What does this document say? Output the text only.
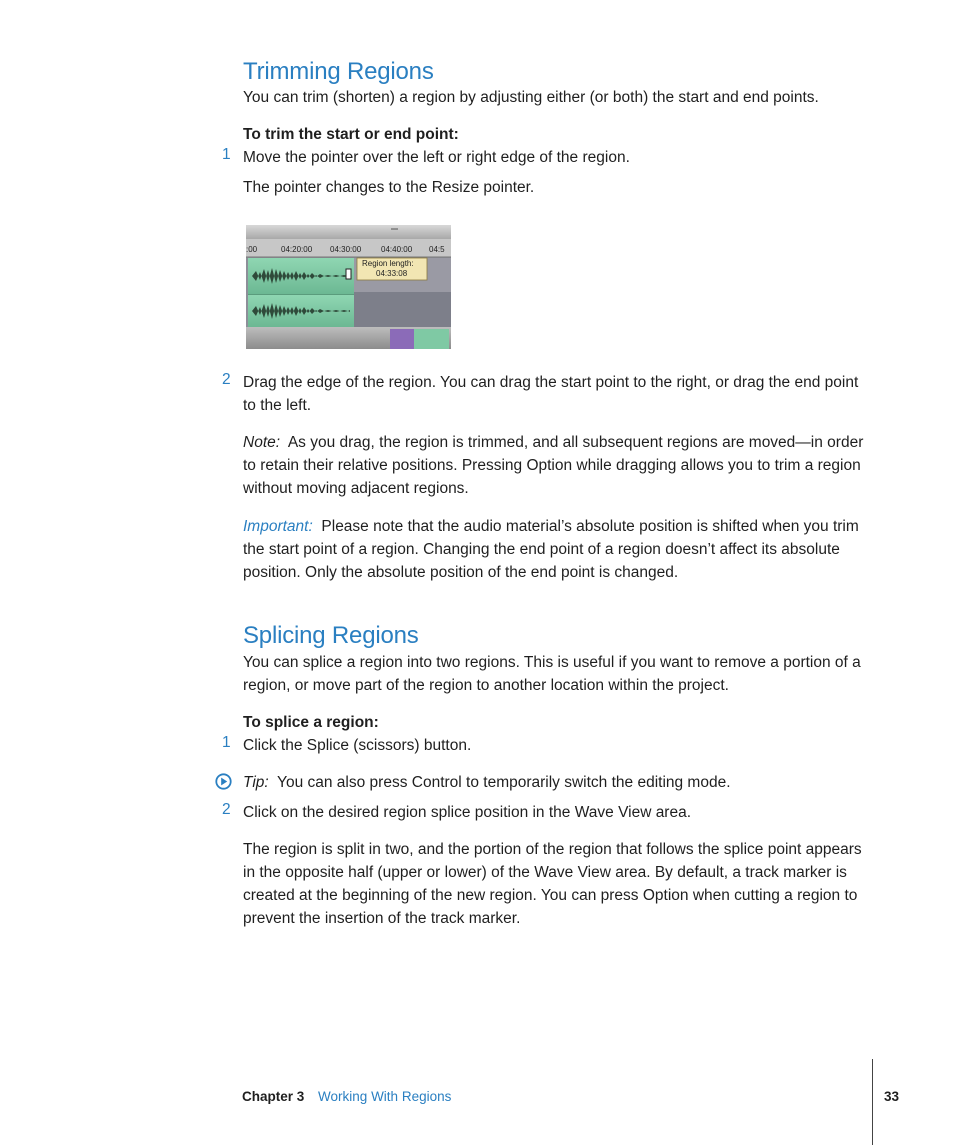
Trimming Regions
You can trim (shorten) a region by adjusting either (or both) the start and end points.
To trim the start or end point:
1 Move the pointer over the left or right edge of the region.
The pointer changes to the Resize pointer.
:00	04:20:00 04:30:00 04:40:00 04:5
Region length:
04:33:08
2 Drag the edge of the region. You can drag the start point to the right, or drag the end point to the left.
Note: As you drag, the region is trimmed, and all subsequent regions are moved—in order to retain their relative positions. Pressing Option while dragging allows you to trim a region without moving adjacent regions.
Important: Please note that the audio material’s absolute position is shifted when you trim the start point of a region. Changing the end point of a region doesn’t affect its absolute position. Only the absolute position of the end point is changed.
Splicing Regions
You can splice a region into two regions. This is useful if you want to remove a portion of a region, or move part of the region to another location within the project.
To splice a region:
1 Click the Splice (scissors) button.
Tip: You can also press Control to temporarily switch the editing mode.
2 Click on the desired region splice position in the Wave View area.
The region is split in two, and the portion of the region that follows the splice point appears in the opposite half (upper or lower) of the Wave View area. By default, a track marker is created at the beginning of the new region. You can press Option when cutting a region to prevent the insertion of the track marker.
Chapter 3 Working With Regions	33
